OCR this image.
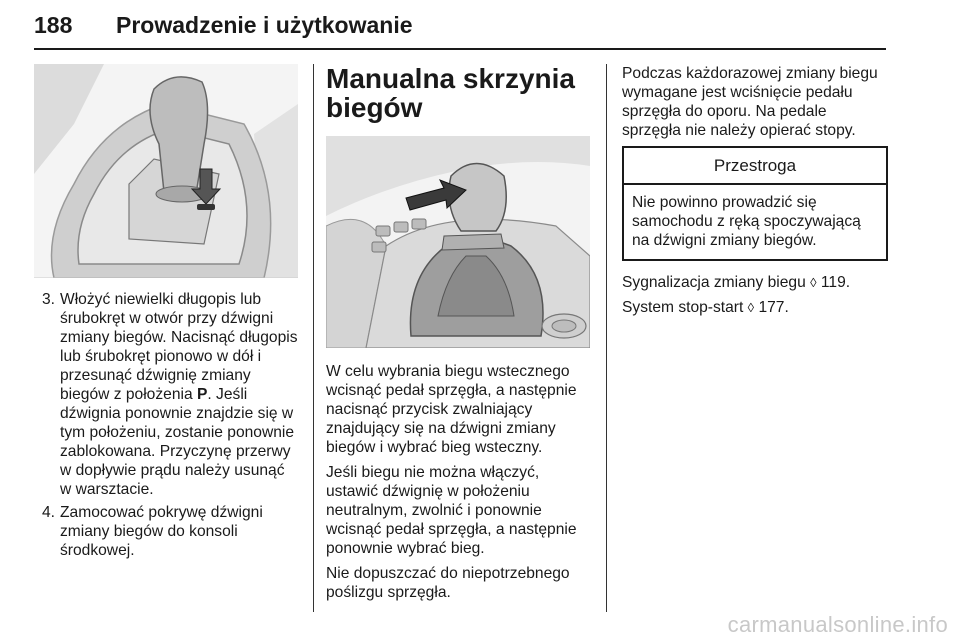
188 Prowadzenie i użytkowanie
3. Włożyć niewielki długopis lub śrubokręt w otwór przy dźwigni zmiany biegów. Nacisnąć długopis lub śrubokręt pionowo w dół i przesunąć dźwignię zmiany biegów z położenia P. Jeśli dźwignia ponownie znajdzie się w tym położeniu, zostanie ponownie zablokowana. Przyczynę przerwy w dopływie prądu należy usunąć w warsztacie.
4. Zamocować pokrywę dźwigni zmiany biegów do konsoli środkowej.
Manualna skrzynia
biegów

W celu wybrania biegu wstecznego wcisnąć pedał sprzęgła, a następnie nacisnąć przycisk zwalniający znajdujący się na dźwigni zmiany biegów i wybrać bieg wsteczny.

Jeśli biegu nie można włączyć, ustawić dźwignię w położeniu neutralnym, zwolnić i ponownie wcisnąć pedał sprzęgła, a następnie ponownie wybrać bieg.

Nie dopuszczać do niepotrzebnego poślizgu sprzęgła.

Podczas każdorazowej zmiany biegu wymagane jest wciśnięcie pedału sprzęgła do oporu. Na pedale sprzęgła nie należy opierać stopy.

Przestroga
Nie powinno prowadzić się samochodu z ręką spoczywającą na dźwigni zmiany biegów.

Sygnalizacja zmiany biegu ◊ 119.

System stop-start ◊ 177.

carmanualsonline.info
